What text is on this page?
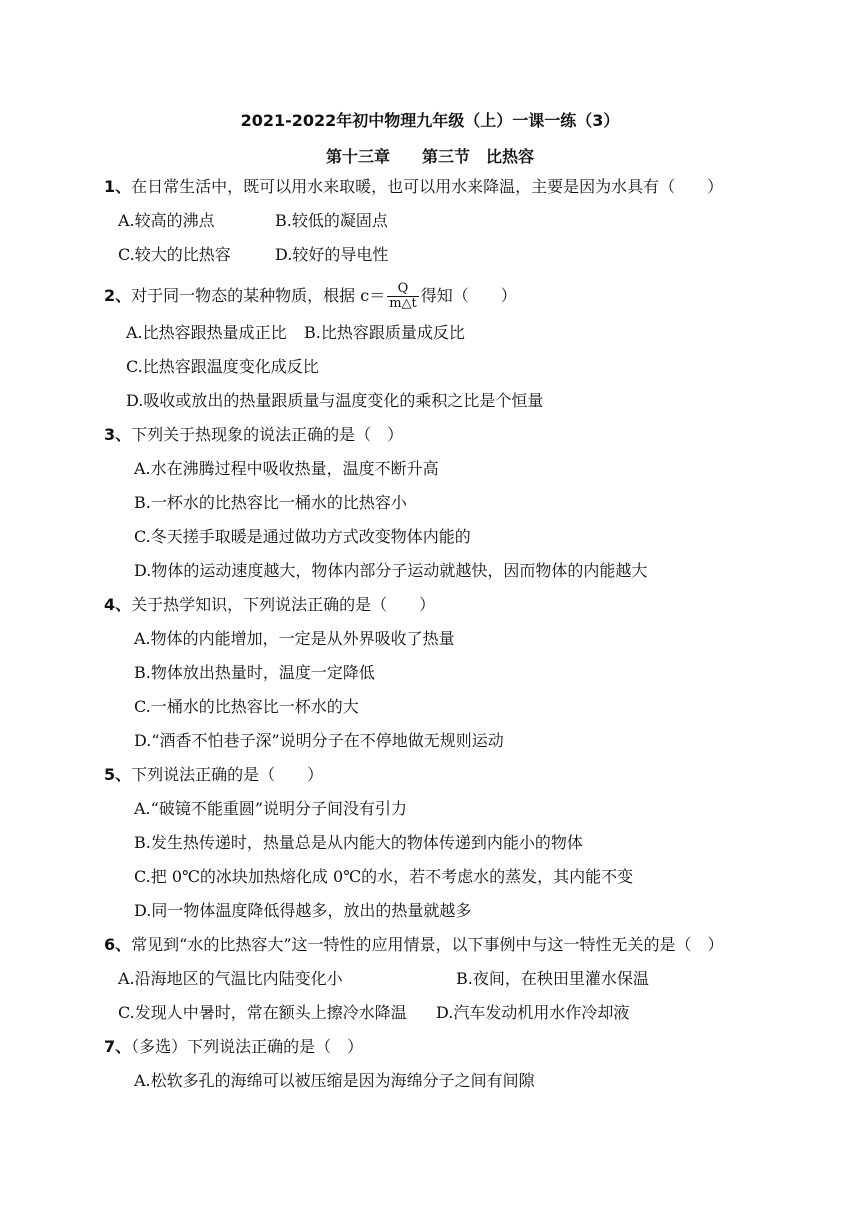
2021-2022年初中物理九年级（上）一课一练（3）
第十三章　　第三节　比热容
1、在日常生活中，既可以用水来取暖，也可以用水来降温，主要是因为水具有（　　）
A.较高的沸点	B.较低的凝固点
C.较大的比热容	D.较好的导电性
2、对于同一物态的某种物质，根据 $c= \frac{Q}{m\triangle t}$ 得知（　　）
A.比热容跟热量成正比 B.比热容跟质量成反比
C.比热容跟温度变化成反比
D.吸收或放出的热量跟质量与温度变化的乘积之比是个恒量
3、下列关于热现象的说法正确的是（　）
A.水在沸腾过程中吸收热量，温度不断升高
B.一杯水的比热容比一桶水的比热容小
C.冬天搓手取暖是通过做功方式改变物体内能的
D.物体的运动速度越大，物体内部分子运动就越快，因而物体的内能越大
4、关于热学知识，下列说法正确的是（　　）
A.物体的内能增加，一定是从外界吸收了热量
B.物体放出热量时，温度一定降低
C.一桶水的比热容比一杯水的大
D.“酒香不怕巷子深”说明分子在不停地做无规则运动
5、下列说法正确的是（　　）
A.“破镜不能重圆”说明分子间没有引力
B.发生热传递时，热量总是从内能大的物体传递到内能小的物体
C.把 0℃的冰块加热熔化成 0℃的水，若不考虑水的蒸发，其内能不变
D.同一物体温度降低得越多，放出的热量就越多
6、常见到“水的比热容大”这一特性的应用情景，以下事例中与这一特性无关的是（　）
A.沿海地区的气温比内陆变化小	B.夜间，在秧田里灌水保温
C.发现人中暑时，常在额头上擦冷水降温 D.汽车发动机用水作冷却液
7、（多选）下列说法正确的是（　）
A.松软多孔的海绵可以被压缩是因为海绵分子之间有间隙
